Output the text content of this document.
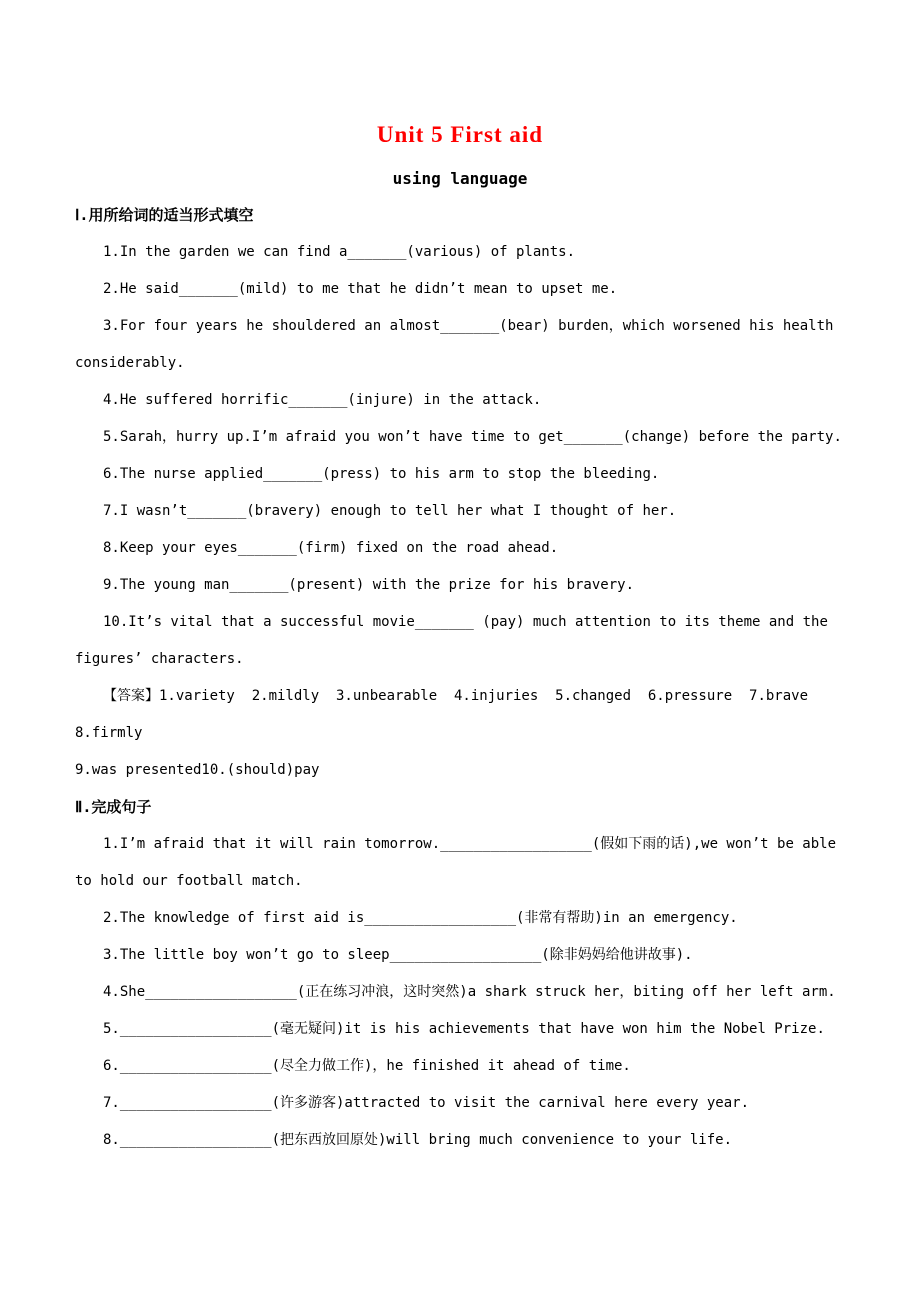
Unit 5 First aid
using language
Ⅰ.用所给词的适当形式填空

1.In the garden we can find a_______(various) of plants.

2.He said_______(mild) to me that he didn’t mean to upset me.

3.For four years he shouldered an almost_______(bear) burden，which worsened his health considerably.

4.He suffered horrific_______(injure) in the attack.

5.Sarah，hurry up.I’m afraid you won’t have time to get_______(change) before the party.

6.The nurse applied_______(press) to his arm to stop the bleeding.

7.I wasn’t_______(bravery) enough to tell her what I thought of her.

8.Keep your eyes_______(firm) fixed on the road ahead.

9.The young man_______(present) with the prize for his bravery.

10.It’s vital that a successful movie_______ (pay) much attention to its theme and the figures’ characters.

【答案】1.variety  2.mildly  3.unbearable  4.injuries  5.changed  6.pressure  7.brave 8.firmly

9.was presented10.(should)pay

Ⅱ.完成句子

1.I’m afraid that it will rain tomorrow.__________________(假如下雨的话),we won’t be able to hold our football match.

2.The knowledge of first aid is__________________(非常有帮助)in an emergency.

3.The little boy won’t go to sleep__________________(除非妈妈给他讲故事).

4.She__________________(正在练习冲浪，这时突然)a shark struck her，biting off her left arm.

5.__________________(毫无疑问)it is his achievements that have won him the Nobel Prize.

6.__________________(尽全力做工作)，he finished it ahead of time.

7.__________________(许多游客)attracted to visit the carnival here every year.

8.__________________(把东西放回原处)will bring much convenience to your life.
